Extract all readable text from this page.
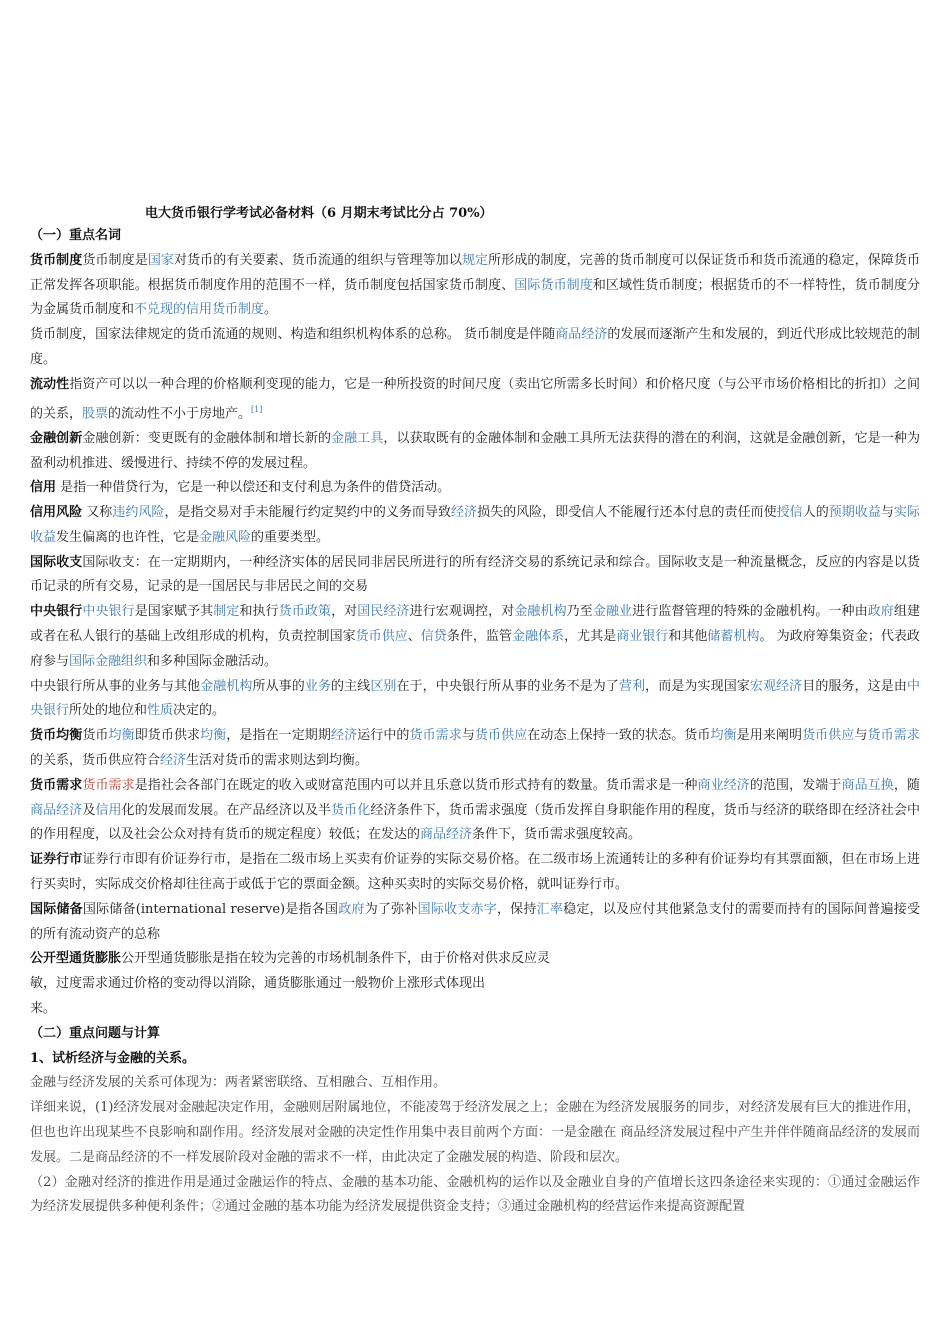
电大货币银行学考试必备材料（6 月期末考试比分占 70%）

（一）重点名词

货币制度货币制度是国家对货币的有关要素、货币流通的组织与管理等加以规定所形成的制度，完善的货币制度可以保证货币和货币流通的稳定，保障货币正常发挥各项职能。根据货币制度作用的范围不一样，货币制度包括国家货币制度、国际货币制度和区域性货币制度；根据货币的不一样特性，货币制度分为金属货币制度和不兑现的信用货币制度。

货币制度，国家法律规定的货币流通的规则、构造和组织机构体系的总称。 货币制度是伴随商品经济的发展而逐渐产生和发展的，到近代形成比较规范的制度。

流动性指资产可以以一种合理的价格顺利变现的能力，它是一种所投资的时间尺度（卖出它所需多长时间）和价格尺度（与公平市场价格相比的折扣）之间的关系，股票的流动性不小于房地产。[1]

金融创新金融创新：变更既有的金融体制和增长新的金融工具，以获取既有的金融体制和金融工具所无法获得的潜在的利润，这就是金融创新，它是一种为盈利动机推进、缓慢进行、持续不停的发展过程。

信用 是指一种借贷行为，它是一种以偿还和支付利息为条件的借贷活动。

信用风险 又称违约风险，是指交易对手未能履行约定契约中的义务而导致经济损失的风险，即受信人不能履行还本付息的责任而使授信人的预期收益与实际收益发生偏离的也许性，它是金融风险的重要类型。

国际收支国际收支：在一定期期内，一种经济实体的居民同非居民所进行的所有经济交易的系统记录和综合。国际收支是一种流量概念，反应的内容是以货币记录的所有交易，记录的是一国居民与非居民之间的交易

中央银行中央银行是国家赋予其制定和执行货币政策，对国民经济进行宏观调控，对金融机构乃至金融业进行监督管理的特殊的金融机构。一种由政府组建或者在私人银行的基础上改组形成的机构，负责控制国家货币供应、信贷条件，监管金融体系，尤其是商业银行和其他储蓄机构。 为政府筹集资金；代表政府参与国际金融组织和多种国际金融活动。

中央银行所从事的业务与其他金融机构所从事的业务的主线区别在于，中央银行所从事的业务不是为了营利，而是为实现国家宏观经济目的服务，这是由中央银行所处的地位和性质决定的。

货币均衡货币均衡即货币供求均衡，是指在一定期期经济运行中的货币需求与货币供应在动态上保持一致的状态。货币均衡是用来阐明货币供应与货币需求的关系，货币供应符合经济生活对货币的需求则达到均衡。

货币需求货币需求是指社会各部门在既定的收入或财富范围内可以并且乐意以货币形式持有的数量。货币需求是一种商业经济的范围，发端于商品互换，随商品经济及信用化的发展而发展。在产品经济以及半货币化经济条件下，货币需求强度（货币发挥自身职能作用的程度，货币与经济的联络即在经济社会中的作用程度，以及社会公众对持有货币的规定程度）较低；在发达的商品经济条件下，货币需求强度较高。

证券行市证券行市即有价证券行市，是指在二级市场上买卖有价证券的实际交易价格。在二级市场上流通转让的多种有价证券均有其票面额，但在市场上进行买卖时，实际成交价格却往往高于或低于它的票面金额。这种买卖时的实际交易价格，就叫证券行市。

国际储备国际储备(international reserve)是指各国政府为了弥补国际收支赤字，保持汇率稳定，以及应付其他紧急支付的需要而持有的国际间普遍接受的所有流动资产的总称

公开型通货膨胀公开型通货膨胀是指在较为完善的市场机制条件下，由于价格对供求反应灵
敏，过度需求通过价格的变动得以消除，通货膨胀通过一般物价上涨形式体现出
来。

（二）重点问题与计算

1、试析经济与金融的关系。

金融与经济发展的关系可体现为：两者紧密联络、互相融合、互相作用。

详细来说，(1)经济发展对金融起决定作用，金融则居附属地位，不能凌驾于经济发展之上；金融在为经济发展服务的同步，对经济发展有巨大的推进作用，但也也许出现某些不良影响和副作用。经济发展对金融的决定性作用集中表目前两个方面：一是金融在 商品经济发展过程中产生并伴伴随商品经济的发展而发展。二是商品经济的不一样发展阶段对金融的需求不一样，由此决定了金融发展的构造、阶段和层次。

（2）金融对经济的推进作用是通过金融运作的特点、金融的基本功能、金融机构的运作以及金融业自身的产值增长这四条途径来实现的：①通过金融运作为经济发展提供多种便利条件；②通过金融的基本功能为经济发展提供资金支持；③通过金融机构的经营运作来提高资源配置
